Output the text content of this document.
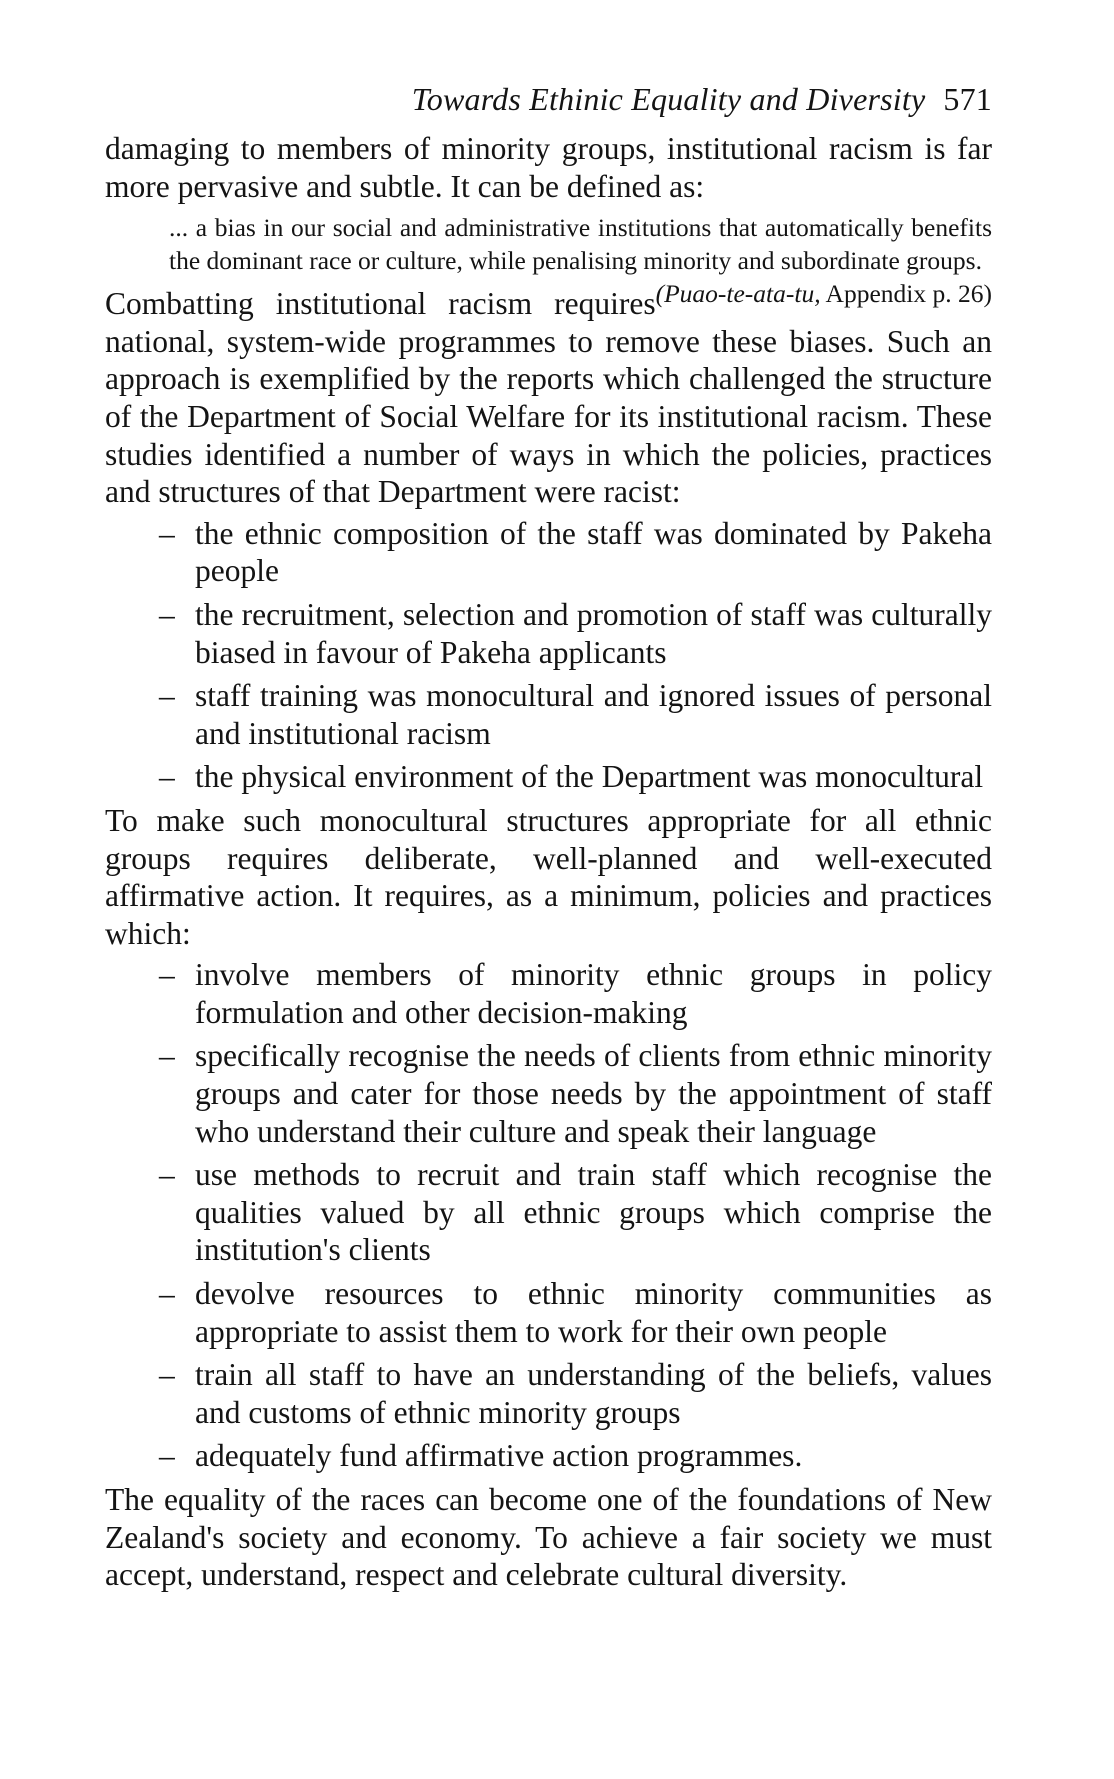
Towards Ethinic Equality and Diversity 571

damaging to members of minority groups, institutional racism is far more pervasive and subtle. It can be defined as:

... a bias in our social and administrative institutions that automatically benefits the dominant race or culture, while penalising minority and subordinate groups.
(Puao-te-ata-tu, Appendix p. 26)

Combatting institutional racism requires national, system-wide programmes to remove these biases. Such an approach is exemplified by the reports which challenged the structure of the Department of Social Welfare for its institutional racism. These studies identified a number of ways in which the policies, practices and structures of that Department were racist:

– the ethnic composition of the staff was dominated by Pakeha people
– the recruitment, selection and promotion of staff was culturally biased in favour of Pakeha applicants
– staff training was monocultural and ignored issues of personal and institutional racism
– the physical environment of the Department was monocultural

To make such monocultural structures appropriate for all ethnic groups requires deliberate, well-planned and well-executed affirmative action. It requires, as a minimum, policies and practices which:

– involve members of minority ethnic groups in policy formulation and other decision-making
– specifically recognise the needs of clients from ethnic minority groups and cater for those needs by the appointment of staff who understand their culture and speak their language
– use methods to recruit and train staff which recognise the qualities valued by all ethnic groups which comprise the institution's clients
– devolve resources to ethnic minority communities as appropriate to assist them to work for their own people
– train all staff to have an understanding of the beliefs, values and customs of ethnic minority groups
– adequately fund affirmative action programmes.

The equality of the races can become one of the foundations of New Zealand's society and economy. To achieve a fair society we must accept, understand, respect and celebrate cultural diversity.
